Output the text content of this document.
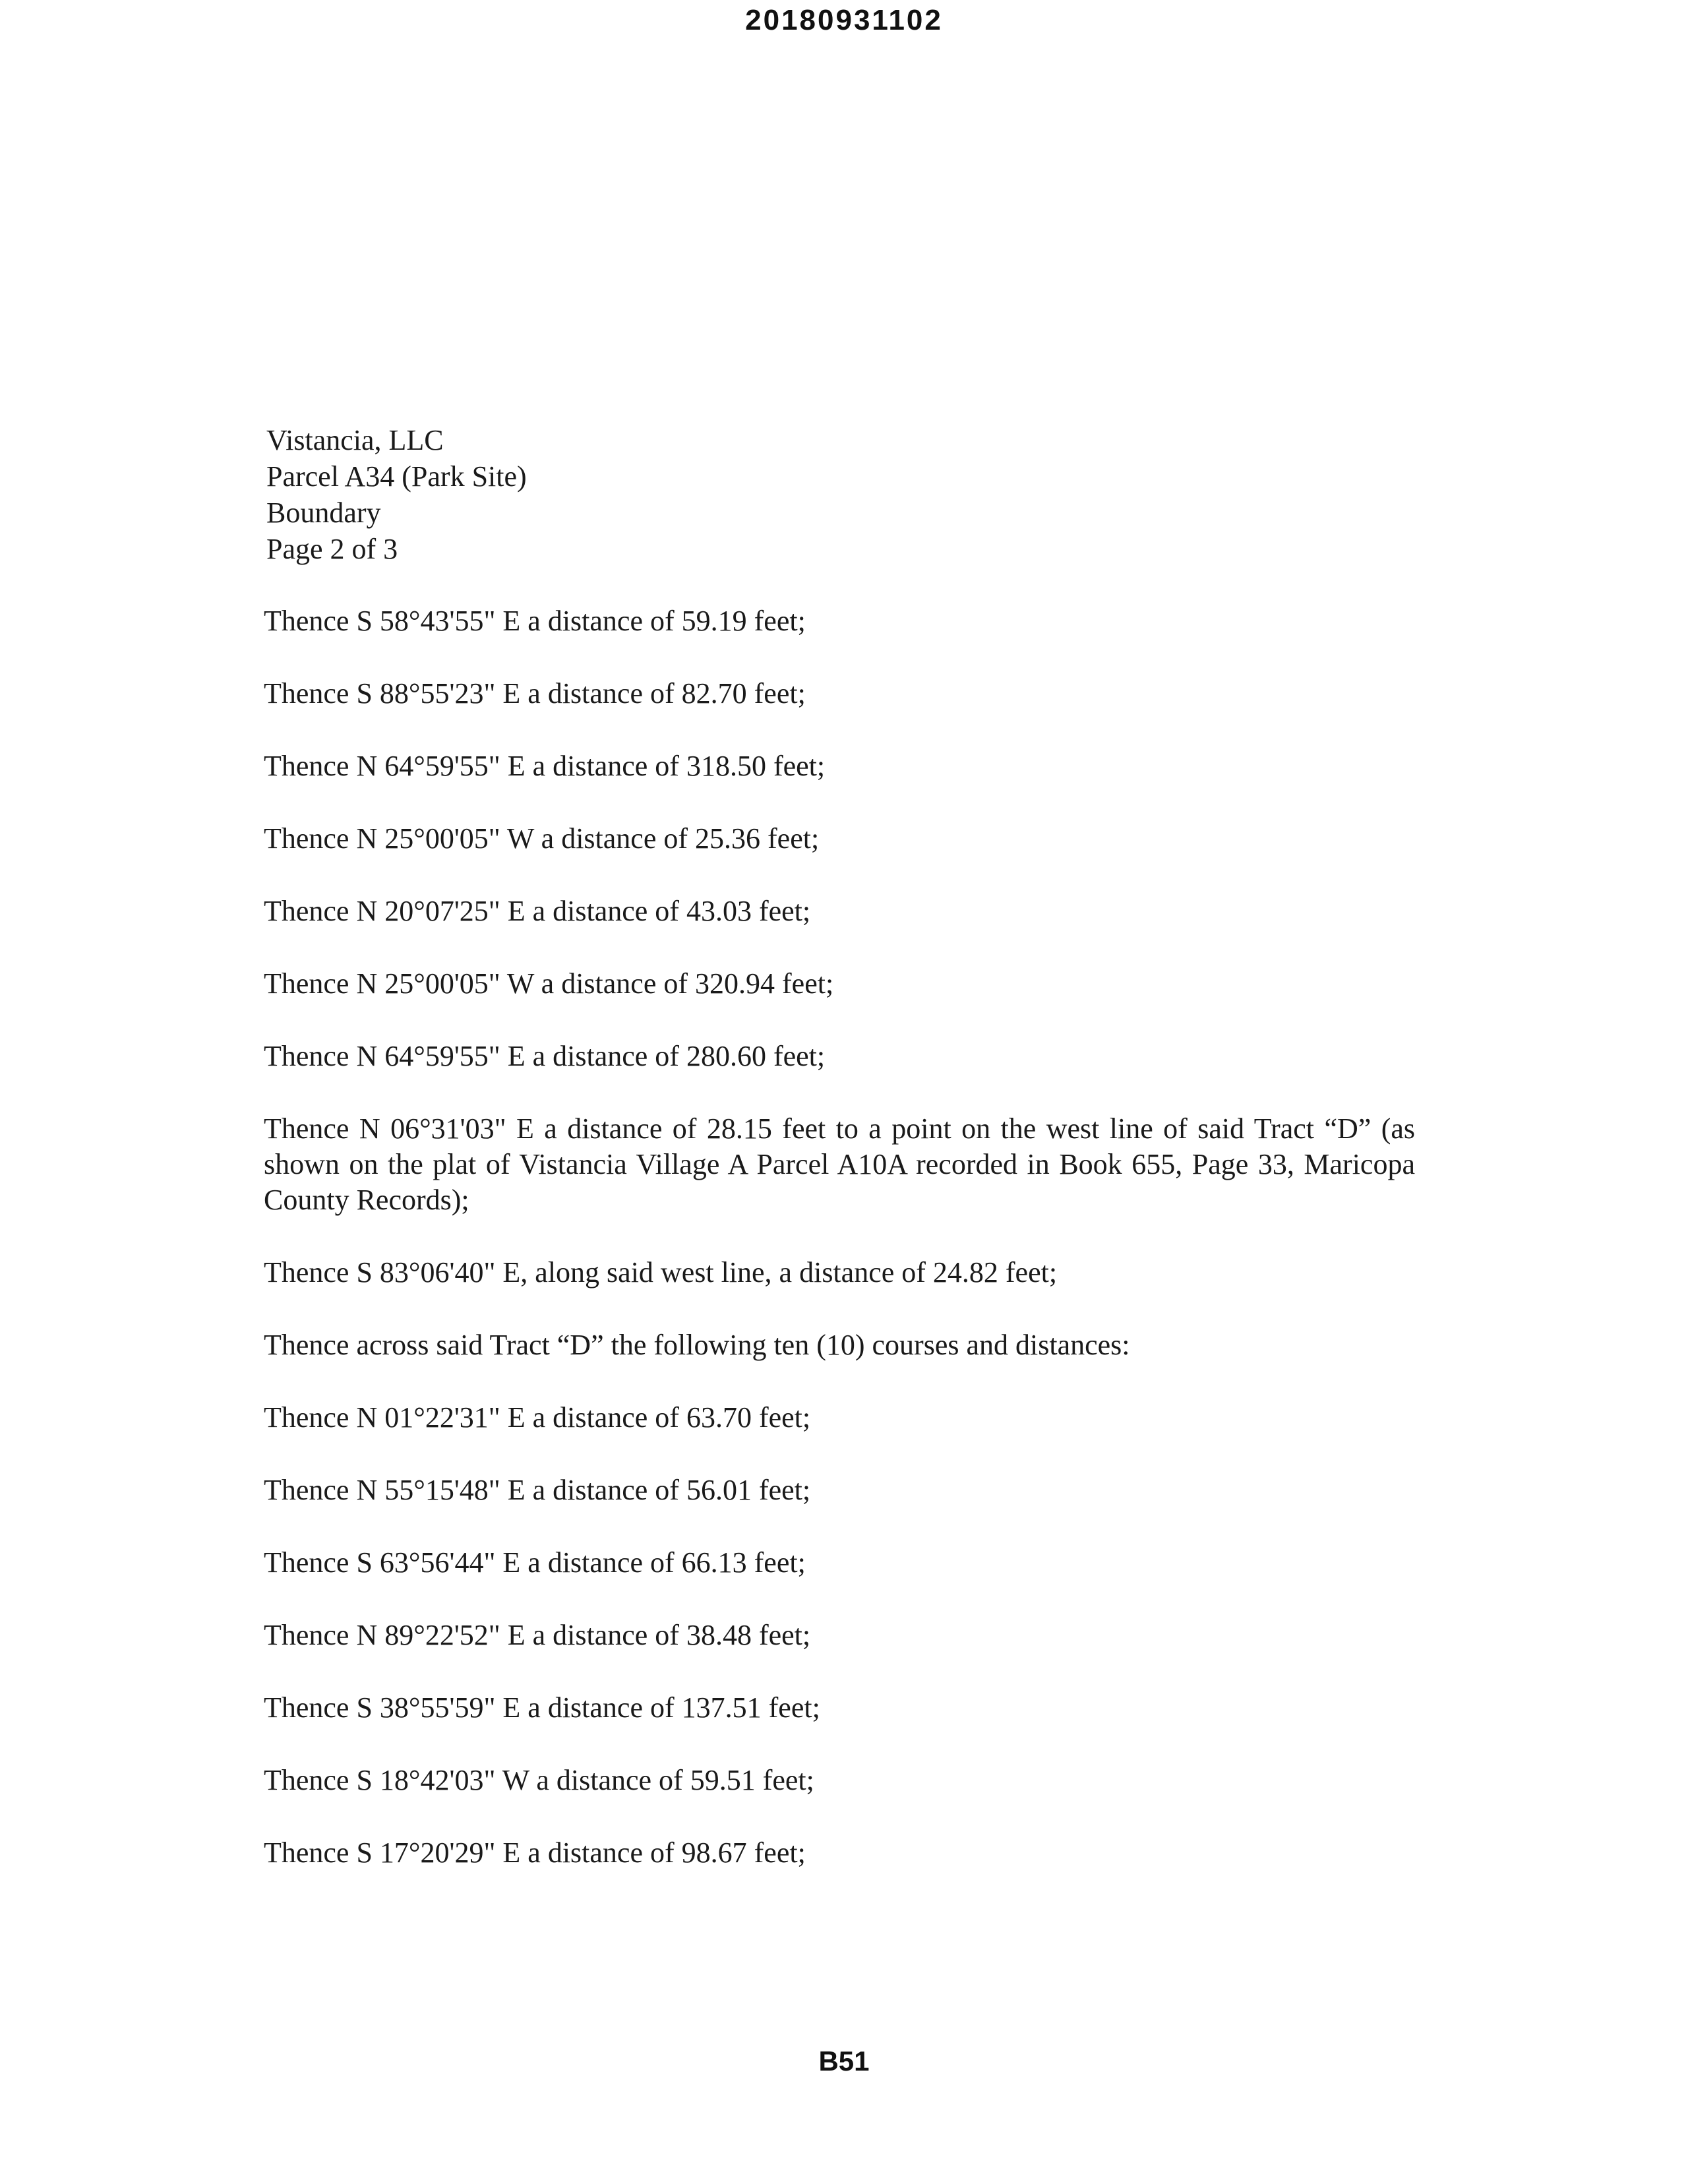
20180931102
Vistancia, LLC
Parcel A34 (Park Site)
Boundary
Page 2 of 3

Thence S 58°43'55" E a distance of 59.19 feet;

Thence S 88°55'23" E a distance of 82.70 feet;

Thence N 64°59'55" E a distance of 318.50 feet;

Thence N 25°00'05" W a distance of 25.36 feet;

Thence N 20°07'25" E a distance of 43.03 feet;

Thence N 25°00'05" W a distance of 320.94 feet;

Thence N 64°59'55" E a distance of 280.60 feet;

Thence N 06°31'03" E a distance of 28.15 feet to a point on the west line of said Tract “D” (as shown on the plat of Vistancia Village A Parcel A10A recorded in Book 655, Page 33, Maricopa County Records);

Thence S 83°06'40" E, along said west line, a distance of 24.82 feet;

Thence across said Tract “D” the following ten (10) courses and distances:

Thence N 01°22'31" E a distance of 63.70 feet;

Thence N 55°15'48" E a distance of 56.01 feet;

Thence S 63°56'44" E a distance of 66.13 feet;

Thence N 89°22'52" E a distance of 38.48 feet;

Thence S 38°55'59" E a distance of 137.51 feet;

Thence S 18°42'03" W a distance of 59.51 feet;

Thence S 17°20'29" E a distance of 98.67 feet;

B51
